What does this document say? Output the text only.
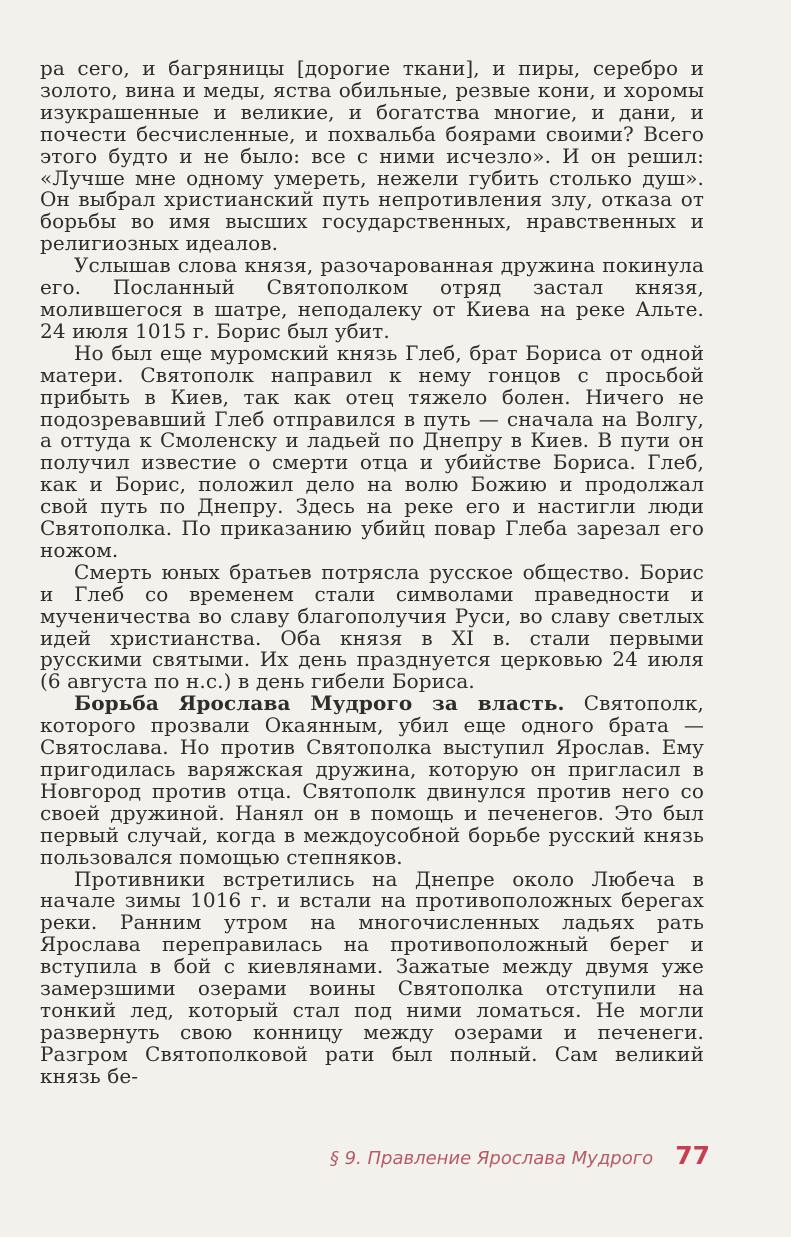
ра сего, и багряницы [дорогие ткани], и пиры, серебро и золото, вина и меды, яства обильные, резвые кони, и хоромы изукрашенные и великие, и богатства многие, и дани, и почести бесчисленные, и похвальба боярами своими? Всего этого будто и не было: все с ними исчезло». И он решил: «Лучше мне одному умереть, нежели губить столько душ». Он выбрал христианский путь непротивления злу, отказа от борьбы во имя высших государственных, нравственных и религиозных идеалов.

Услышав слова князя, разочарованная дружина покинула его. Посланный Святополком отряд застал князя, молившегося в шатре, неподалеку от Киева на реке Альте. 24 июля 1015 г. Борис был убит.

Но был еще муромский князь Глеб, брат Бориса от одной матери. Святополк направил к нему гонцов с просьбой прибыть в Киев, так как отец тяжело болен. Ничего не подозревавший Глеб отправился в путь — сначала на Волгу, а оттуда к Смоленску и ладьей по Днепру в Киев. В пути он получил известие о смерти отца и убийстве Бориса. Глеб, как и Борис, положил дело на волю Божию и продолжал свой путь по Днепру. Здесь на реке его и настигли люди Святополка. По приказанию убийц повар Глеба зарезал его ножом.

Смерть юных братьев потрясла русское общество. Борис и Глеб со временем стали символами праведности и мученичества во славу благополучия Руси, во славу светлых идей христианства. Оба князя в XI в. стали первыми русскими святыми. Их день празднуется церковью 24 июля (6 августа по н.с.) в день гибели Бориса.

Борьба Ярослава Мудрого за власть. Святополк, которого прозвали Окаянным, убил еще одного брата — Святослава. Но против Святополка выступил Ярослав. Ему пригодилась варяжская дружина, которую он пригласил в Новгород против отца. Святополк двинулся против него со своей дружиной. Нанял он в помощь и печенегов. Это был первый случай, когда в междоусобной борьбе русский князь пользовался помощью степняков.

Противники встретились на Днепре около Любеча в начале зимы 1016 г. и встали на противоположных берегах реки. Ранним утром на многочисленных ладьях рать Ярослава переправилась на противоположный берег и вступила в бой с киевлянами. Зажатые между двумя уже замерзшими озерами воины Святополка отступили на тонкий лед, который стал под ними ломаться. Не могли развернуть свою конницу между озерами и печенеги. Разгром Святополковой рати был полный. Сам великий князь бе-

§ 9. Правление Ярослава Мудрого 77
